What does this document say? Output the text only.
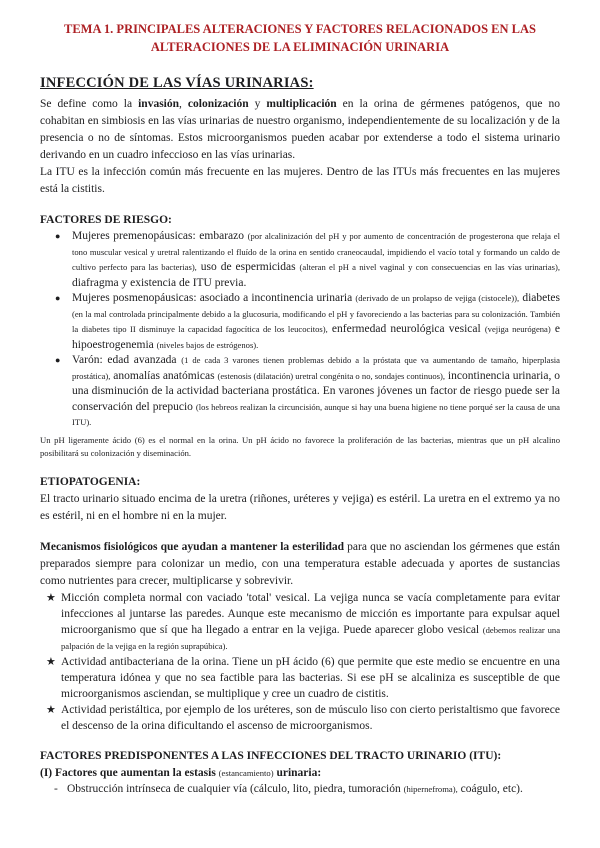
TEMA 1. PRINCIPALES ALTERACIONES Y FACTORES RELACIONADOS EN LAS
ALTERACIONES DE LA ELIMINACIÓN URINARIA
INFECCIÓN DE LAS VÍAS URINARIAS:
Se define como la invasión, colonización y multiplicación en la orina de gérmenes patógenos, que no cohabitan en simbiosis en las vías urinarias de nuestro organismo, independientemente de su localización y de la presencia o no de síntomas. Estos microorganismos pueden acabar por extenderse a todo el sistema urinario derivando en un cuadro infeccioso en las vías urinarias.
La ITU es la infección común más frecuente en las mujeres. Dentro de las ITUs más frecuentes en las mujeres está la cistitis.
FACTORES DE RIESGO:
●	Mujeres premenopáusicas: embarazo (por alcalinización del pH y por aumento de concentración de progesterona que relaja el tono muscular vesical y uretral ralentizando el fluído de la orina en sentido craneocaudal, impidiendo el vacío total y formando un caldo de cultivo perfecto para las bacterias), uso de espermicidas (alteran el pH a nivel vaginal y con consecuencias en las vías urinarias), diafragma y existencia de ITU previa.
●	Mujeres posmenopáusicas: asociado a incontinencia urinaria (derivado de un prolapso de vejiga (cistocele)), diabetes (en la mal controlada principalmente debido a la glucosuria, modificando el pH y favoreciendo a las bacterias para su colonización. También la diabetes tipo II disminuye la capacidad fagocítica de los leucocitos), enfermedad neurológica vesical (vejiga neurógena) e hipoestrogenemia (niveles bajos de estrógenos).
●	Varón: edad avanzada (1 de cada 3 varones tienen problemas debido a la próstata que va aumentando de tamaño, hiperplasia prostática), anomalías anatómicas (estenosis (dilatación) uretral congénita o no, sondajes continuos), incontinencia urinaria, o una disminución de la actividad bacteriana prostática. En varones jóvenes un factor de riesgo puede ser la conservación del prepucio (los hebreos realizan la circuncisión, aunque si hay una buena higiene no tiene porqué ser la causa de una ITU).
Un pH ligeramente ácido (6) es el normal en la orina. Un pH ácido no favorece la proliferación de las bacterias, mientras que un pH alcalino posibilitará su colonización y diseminación.
ETIOPATOGENIA:
El tracto urinario situado encima de la uretra (riñones, uréteres y vejiga) es estéril. La uretra en el extremo ya no es estéril, ni en el hombre ni en la mujer.
Mecanismos fisiológicos que ayudan a mantener la esterilidad para que no asciendan los gérmenes que están preparados siempre para colonizar un medio, con una temperatura estable adecuada y aportes de sustancias como nutrientes para crecer, multiplicarse y sobrevivir.
★ Micción completa normal con vaciado 'total' vesical. La vejiga nunca se vacía completamente para evitar infecciones al juntarse las paredes. Aunque este mecanismo de micción es importante para expulsar aquel microorganismo que sí que ha llegado a entrar en la vejiga. Puede aparecer globo vesical (debemos realizar una palpación de la vejiga en la región suprapúbica).
★ Actividad antibacteriana de la orina. Tiene un pH ácido (6) que permite que este medio se encuentre en una temperatura idónea y que no sea factible para las bacterias. Si ese pH se alcaliniza es susceptible de que microorganismos asciendan, se multiplique y cree un cuadro de cistitis.
★ Actividad peristáltica, por ejemplo de los uréteres, son de músculo liso con cierto peristaltismo que favorece el descenso de la orina dificultando el ascenso de microorganismos.
FACTORES PREDISPONENTES A LAS INFECCIONES DEL TRACTO URINARIO (ITU):
(I) Factores que aumentan la estasis (estancamiento) urinaria:
- Obstrucción intrínseca de cualquier vía (cálculo, lito, piedra, tumoración (hipernefroma), coágulo, etc).
